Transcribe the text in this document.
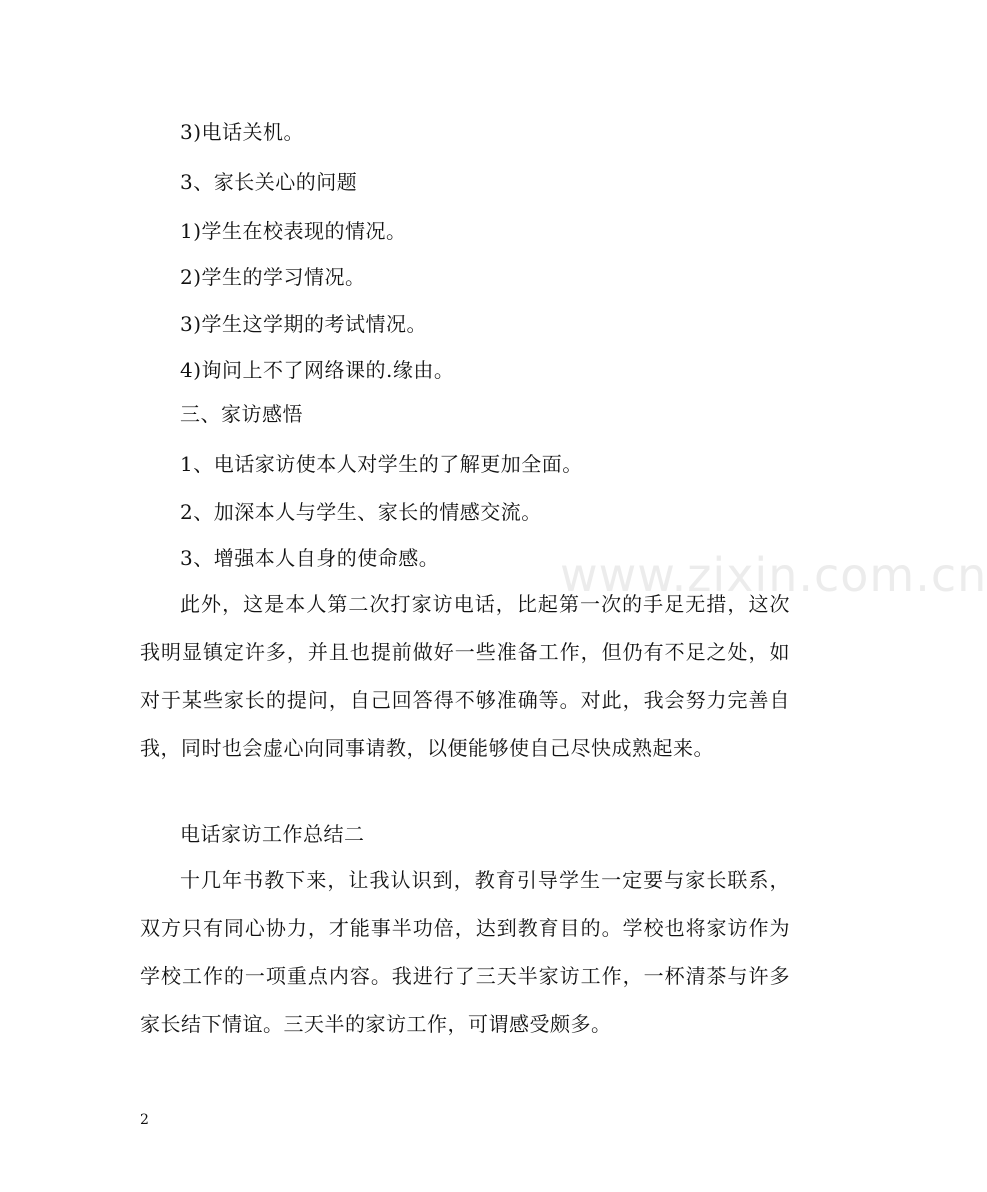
www.zixin.com.cn
3)电话关机。
3、家长关心的问题
1)学生在校表现的情况。
2)学生的学习情况。
3)学生这学期的考试情况。
4)询问上不了网络课的.缘由。
三、家访感悟
1、电话家访使本人对学生的了解更加全面。
2、加深本人与学生、家长的情感交流。
3、增强本人自身的使命感。
此外，这是本人第二次打家访电话，比起第一次的手足无措，这次我明显镇定许多，并且也提前做好一些准备工作，但仍有不足之处，如对于某些家长的提问，自己回答得不够准确等。对此，我会努力完善自我，同时也会虚心向同事请教，以便能够使自己尽快成熟起来。
电话家访工作总结二
十几年书教下来，让我认识到，教育引导学生一定要与家长联系，双方只有同心协力，才能事半功倍，达到教育目的。学校也将家访作为学校工作的一项重点内容。我进行了三天半家访工作，一杯清茶与许多家长结下情谊。三天半的家访工作，可谓感受颇多。
2
